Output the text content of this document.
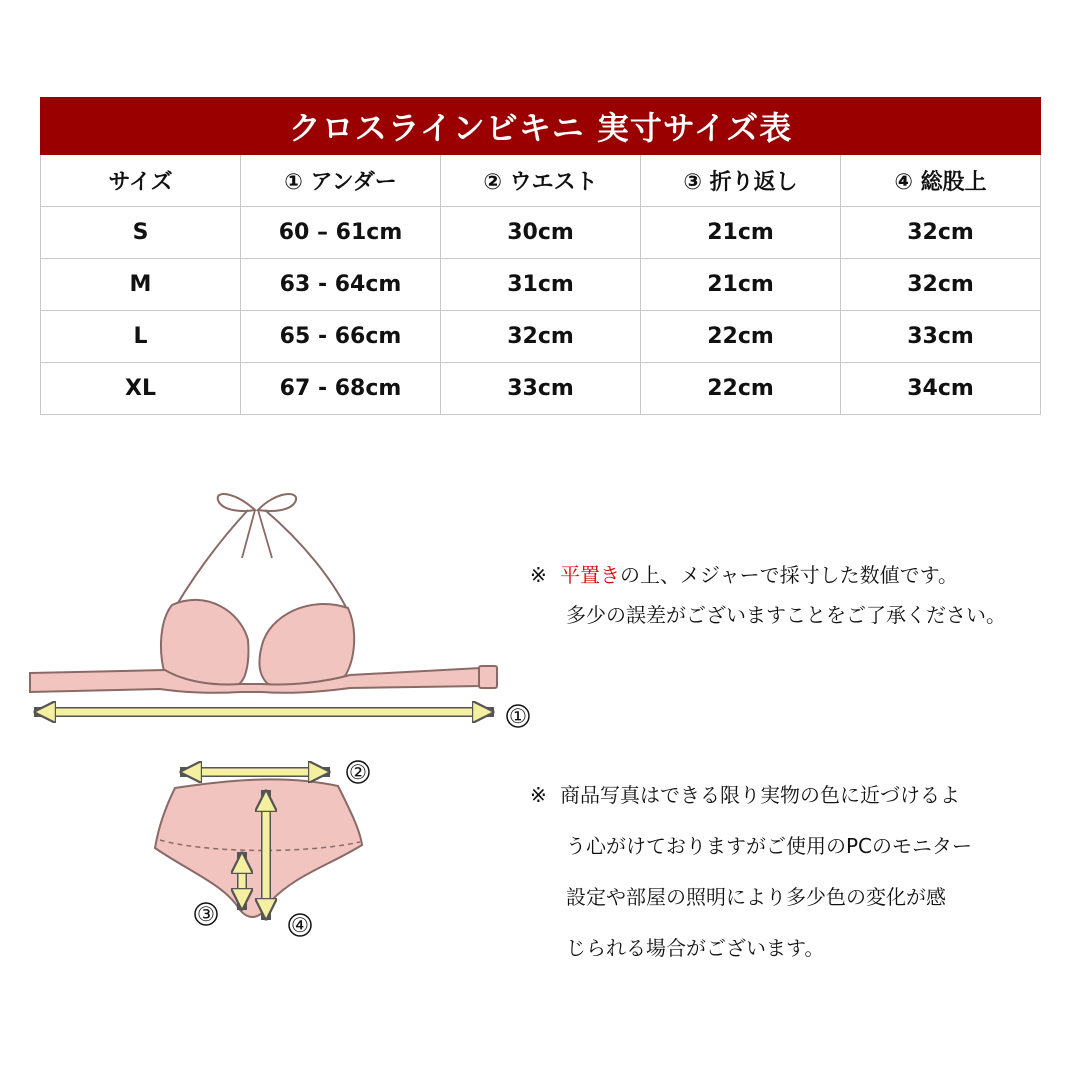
クロスラインビキニ 実寸サイズ表				
サイズ	① アンダー	② ウエスト	③ 折り返し	④ 総股上
S	60 – 61cm	30cm	21cm	32cm
M	63 - 64cm	31cm	21cm	32cm
L	65 - 66cm	32cm	22cm	33cm
XL	67 - 68cm	33cm	22cm	34cm
①
②
③	④
※ 平置きの上、メジャーで採寸した数値です。
多少の誤差がございますことをご了承ください。
※ 商品写真はできる限り実物の色に近づけるよ
う心がけておりますがご使用のPCのモニター
設定や部屋の照明により多少色の変化が感
じられる場合がございます。
